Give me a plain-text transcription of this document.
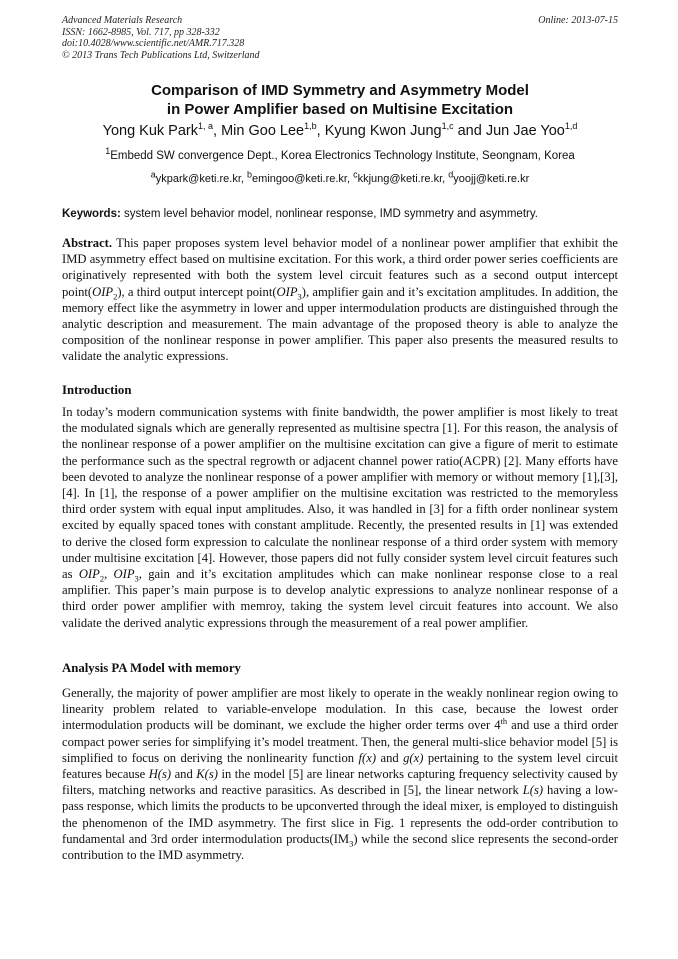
Advanced Materials Research
ISSN: 1662-8985, Vol. 717, pp 328-332
doi:10.4028/www.scientific.net/AMR.717.328
© 2013 Trans Tech Publications Ltd, Switzerland
Online: 2013-07-15
Comparison of IMD Symmetry and Asymmetry Model
in Power Amplifier based on Multisine Excitation
Yong Kuk Park$^{1, a}$, Min Goo Lee$^{1,b}$, Kyung Kwon Jung$^{1,c}$ and Jun Jae Yoo$^{1,d}$
$^1$Embedd SW convergence Dept., Korea Electronics Technology Institute, Seongnam, Korea
$^a$ykpark@keti.re.kr, $^b$emingoo@keti.re.kr, $^c$kkjung@keti.re.kr, $^d$yoojj@keti.re.kr
Keywords: system level behavior model, nonlinear response, IMD symmetry and asymmetry.
Abstract. This paper proposes system level behavior model of a nonlinear power amplifier that exhibit the IMD asymmetry effect based on multisine excitation. For this work, a third order power series coefficients are originatively represented with both the system level circuit features such as a second output intercept $point(OIP_2)$, a third output intercept $point(OIP_3)$, amplifier gain and it’s excitation amplitudes. In addition, the memory effect like the asymmetry in lower and upper intermodulation products are distinguished through the analytic description and measurement. The main advantage of the proposed theory is able to analyze the composition of the nonlinear response in power amplifier. This paper also presents the measured results to validate the analytic expressions.
Introduction
In today’s modern communication systems with finite bandwidth, the power amplifier is most likely to treat the modulated signals which are generally represented as multisine spectra [1]. For this reason, the analysis of the nonlinear response of a power amplifier on the multisine excitation can give a figure of merit to estimate the performance such as the spectral regrowth or adjacent channel power ratio(ACPR) [2]. Many efforts have been devoted to analyze the nonlinear response of a power amplifier with memory or without memory [1],[3],[4]. In [1], the response of a power amplifier on the multisine excitation was restricted to the memoryless third order system with equal input amplitudes. Also, it was handled in [3] for a fifth order nonlinear system excited by equally spaced tones with constant amplitude. Recently, the presented results in [1] was extended to derive the closed form expression to calculate the nonlinear response of a third order system with memory under multisine excitation [4]. However, those papers did not fully consider system level circuit features such as $OIP_2$, $OIP_3$, gain and it’s excitation amplitudes which can make nonlinear response close to a real amplifier. This paper’s main purpose is to develop analytic expressions to analyze nonlinear response of a third order power amplifier with memroy, taking the system level circuit features into account. We also validate the derived analytic expressions through the measurement of a real power amplifier.
Analysis PA Model with memory
Generally, the majority of power amplifier are most likely to operate in the weakly nonlinear region owing to linearity problem related to variable-envelope modulation. In this case, because the lowest order intermodulation products will be dominant, we exclude the higher order terms over 4th and use a third order compact power series for simplifying it’s model treatment. Then, the general multi-slice behavior model [5] is simplified to focus on deriving the nonlinearity function f(x) and g(x) pertaining to the system level circuit features because H(s) and K(s) in the model [5] are linear networks capturing frequency selectivity caused by filters, matching networks and reactive parasitics. As described in [5], the linear network L(s) having a low-pass response, which limits the products to be upconverted through the ideal mixer, is employed to distinguish the phenomenon of the IMD asymmetry. The first slice in Fig. 1 represents the odd-order contribution to fundamental and 3rd order intermodulation $products(IM_3)$ while the second slice represents the second-order contribution to the IMD asymmetry.
